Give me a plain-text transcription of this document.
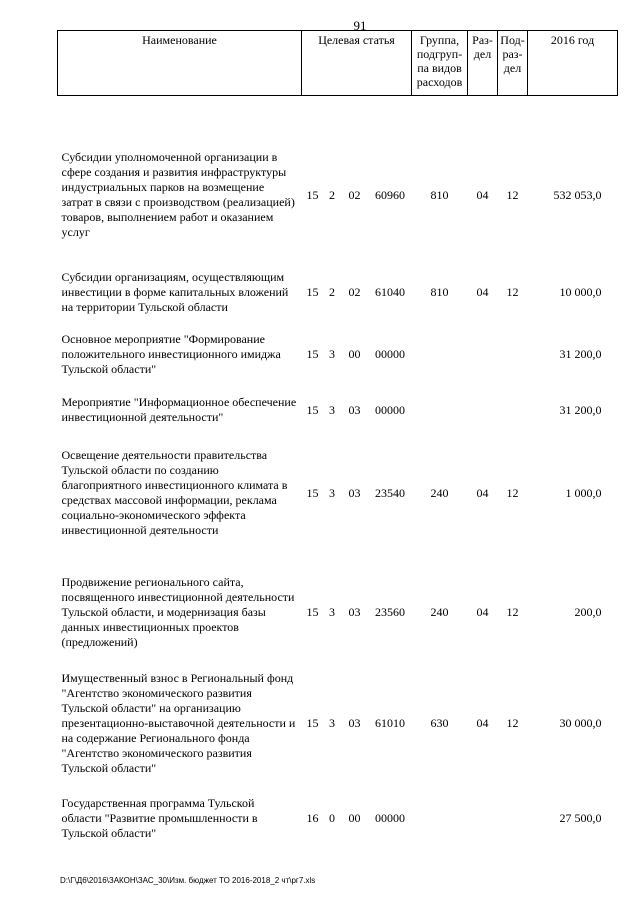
91
Наименование	Целевая статья				Группа, подгруп-па видов расходов	Раз-дел	Под-раз-дел	2016 год

Субсидии уполномоченной организации в сфере создания и развития инфраструктуры индустриальных парков на возмещение затрат в связи с производством (реализацией) товаров, выполнением работ и оказанием услуг	15	2	02	60960	810	04	12	532 053,0

Субсидии организациям, осуществляющим инвестиции в форме капитальных вложений на территории Тульской области	15	2	02	61040	810	04	12	10 000,0
Основное мероприятие "Формирование положительного инвестиционного имиджа Тульской области"	15	3	00	00000				31 200,0
Мероприятие "Информационное обеспечение инвестиционной деятельности"	15	3	03	00000				31 200,0
Освещение деятельности правительства Тульской области по созданию благоприятного инвестиционного климата в средствах массовой информации, реклама социально-экономического эффекта инвестиционной деятельности	15	3	03	23540	240	04	12	1 000,0

Продвижение регионального сайта, посвященного инвестиционной деятельности Тульской области, и модернизация базы данных инвестиционных проектов (предложений)	15	3	03	23560	240	04	12	200,0
Имущественный взнос в Региональный фонд "Агентство экономического развития Тульской области" на организацию презентационно-выставочной деятельности и на содержание Регионального фонда "Агентство экономического развития Тульской области"	15	3	03	61010	630	04	12	30 000,0
Государственная программа Тульской области "Развитие промышленности в Тульской области"	16	0	00	00000				27 500,0
D:\Г\Д6\2016\ЗАКОН\ЗАС_30\Изм. бюджет ТО 2016-2018_2 чт\рг7.xls
